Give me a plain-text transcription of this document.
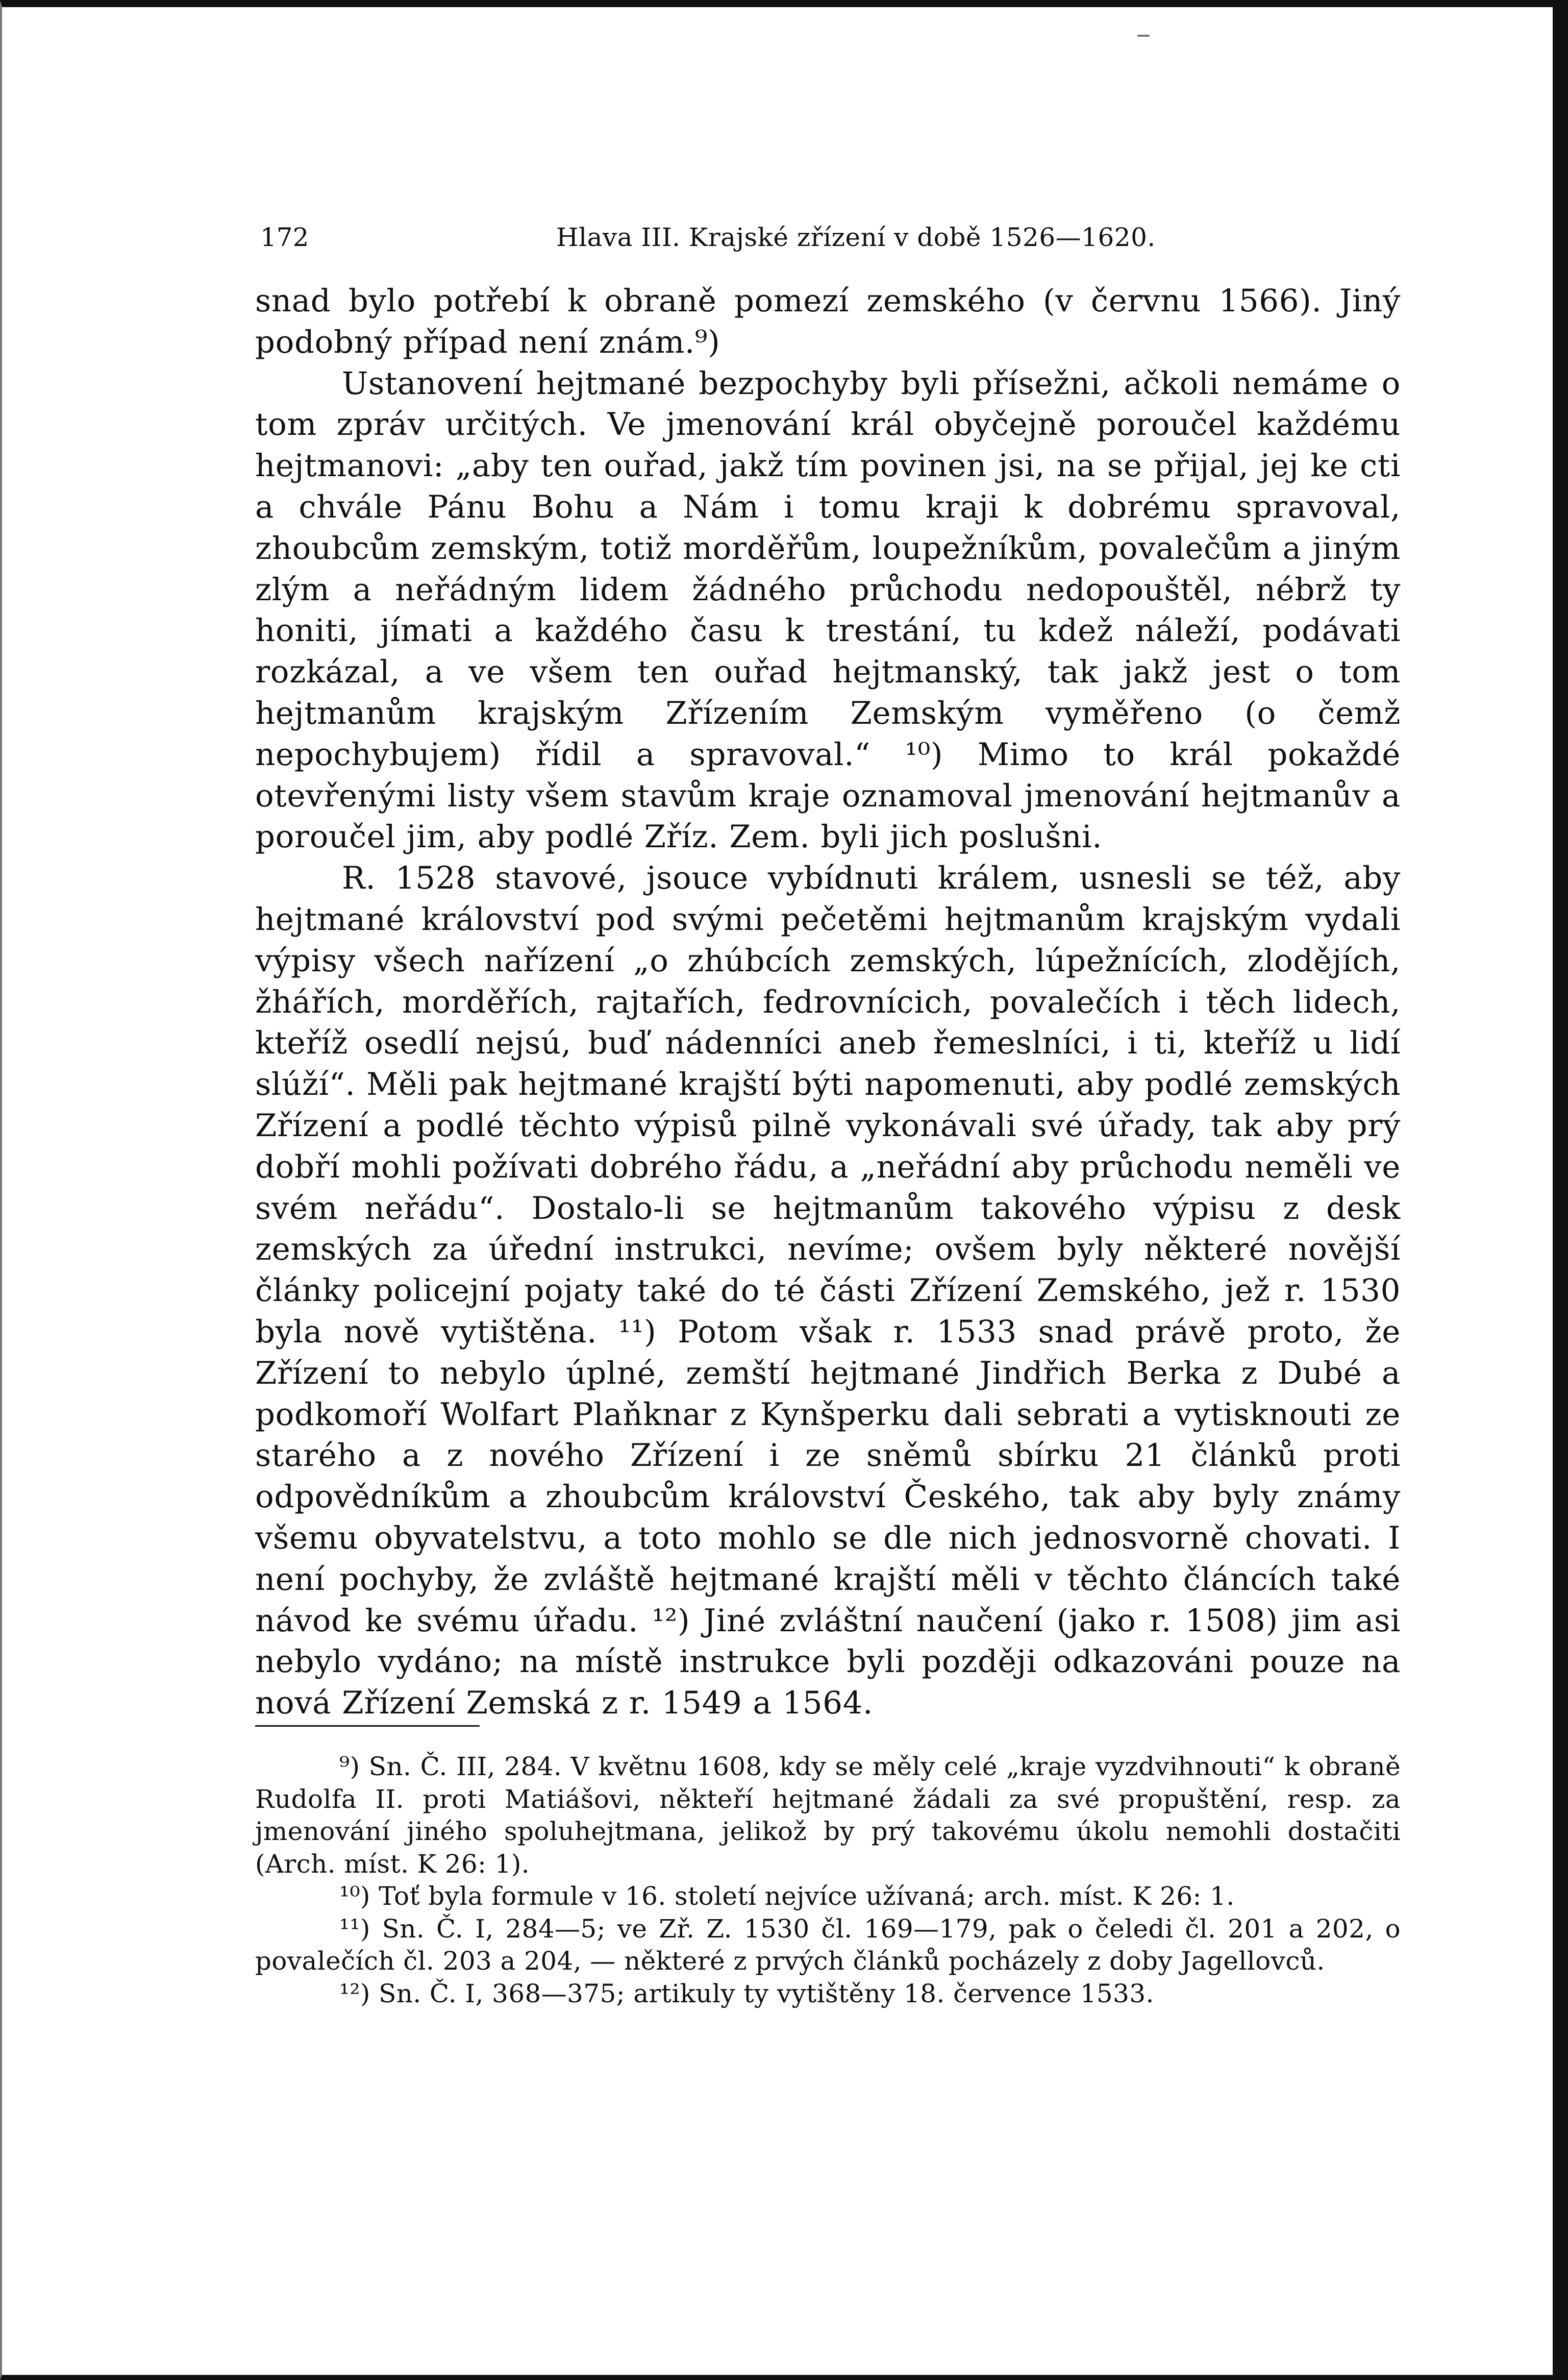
172	Hlava III. Krajské zřízení v době 1526—1620.

snad bylo potřebí k obraně pomezí zemského (v červnu 1566). Jiný podobný případ není znám.⁹)

Ustanovení hejtmané bezpochyby byli přísežni, ačkoli nemáme o tom zpráv určitých. Ve jmenování král obyčejně poroučel každému hejtmanovi: „aby ten ouřad, jakž tím povinen jsi, na se přijal, jej ke cti a chvále Pánu Bohu a Nám i tomu kraji k dobrému spravoval, zhoubcům zemským, totiž morděřům, loupežníkům, povalečům a jiným zlým a neřádným lidem žádného průchodu nedopouštěl, nébrž ty honiti, jímati a každého času k trestání, tu kdež náleží, podávati rozkázal, a ve všem ten ouřad hejtmanský, tak jakž jest o tom hejtmanům krajským Zřízením Zemským vyměřeno (o čemž nepochybujem) řídil a spravoval.“ ¹⁰) Mimo to král pokaždé otevřenými listy všem stavům kraje oznamoval jmenování hejtmanův a poroučel jim, aby podlé Zříz. Zem. byli jich poslušni.

R. 1528 stavové, jsouce vybídnuti králem, usnesli se též, aby hejtmané království pod svými pečetěmi hejtmanům krajským vydali výpisy všech nařízení „o zhúbcích zemských, lúpežnících, zlodějích, žhářích, morděřích, rajtařích, fedrovnícich, povalečích i těch lidech, kteříž osedlí nejsú, buď nádenníci aneb řemeslníci, i ti, kteříž u lidí slúží“. Měli pak hejtmané krajští býti napomenuti, aby podlé zemských Zřízení a podlé těchto výpisů pilně vykonávali své úřady, tak aby prý dobří mohli požívati dobrého řádu, a „neřádní aby průchodu neměli ve svém neřádu“. Dostalo-li se hejtmanům takového výpisu z desk zemských za úřední instrukci, nevíme; ovšem byly některé novější články policejní pojaty také do té části Zřízení Zemského, jež r. 1530 byla nově vytištěna. ¹¹) Potom však r. 1533 snad právě proto, že Zřízení to nebylo úplné, zemští hejtmané Jindřich Berka z Dubé a podkomoří Wolfart Plaňknar z Kynšperku dali sebrati a vytisknouti ze starého a z nového Zřízení i ze sněmů sbírku 21 článků proti odpovědníkům a zhoubcům království Českého, tak aby byly známy všemu obyvatelstvu, a toto mohlo se dle nich jednosvorně chovati. I není pochyby, že zvláště hejtmané krajští měli v těchto článcích také návod ke svému úřadu. ¹²) Jiné zvláštní naučení (jako r. 1508) jim asi nebylo vydáno; na místě instrukce byli později odkazováni pouze na nová Zřízení Zemská z r. 1549 a 1564.

⁹) Sn. Č. III, 284. V květnu 1608, kdy se měly celé „kraje vyzdvihnouti“ k obraně Rudolfa II. proti Matiášovi, někteří hejtmané žádali za své propuštění, resp. za jmenování jiného spoluhejtmana, jelikož by prý takovému úkolu nemohli dostačiti (Arch. míst. K 26: 1).

¹⁰) Toť byla formule v 16. století nejvíce užívaná; arch. míst. K 26: 1.

¹¹) Sn. Č. I, 284—5; ve Zř. Z. 1530 čl. 169—179, pak o čeledi čl. 201 a 202, o povalečích čl. 203 a 204, — některé z prvých článků pocházely z doby Jagellovců.

¹²) Sn. Č. I, 368—375; artikuly ty vytištěny 18. července 1533.
